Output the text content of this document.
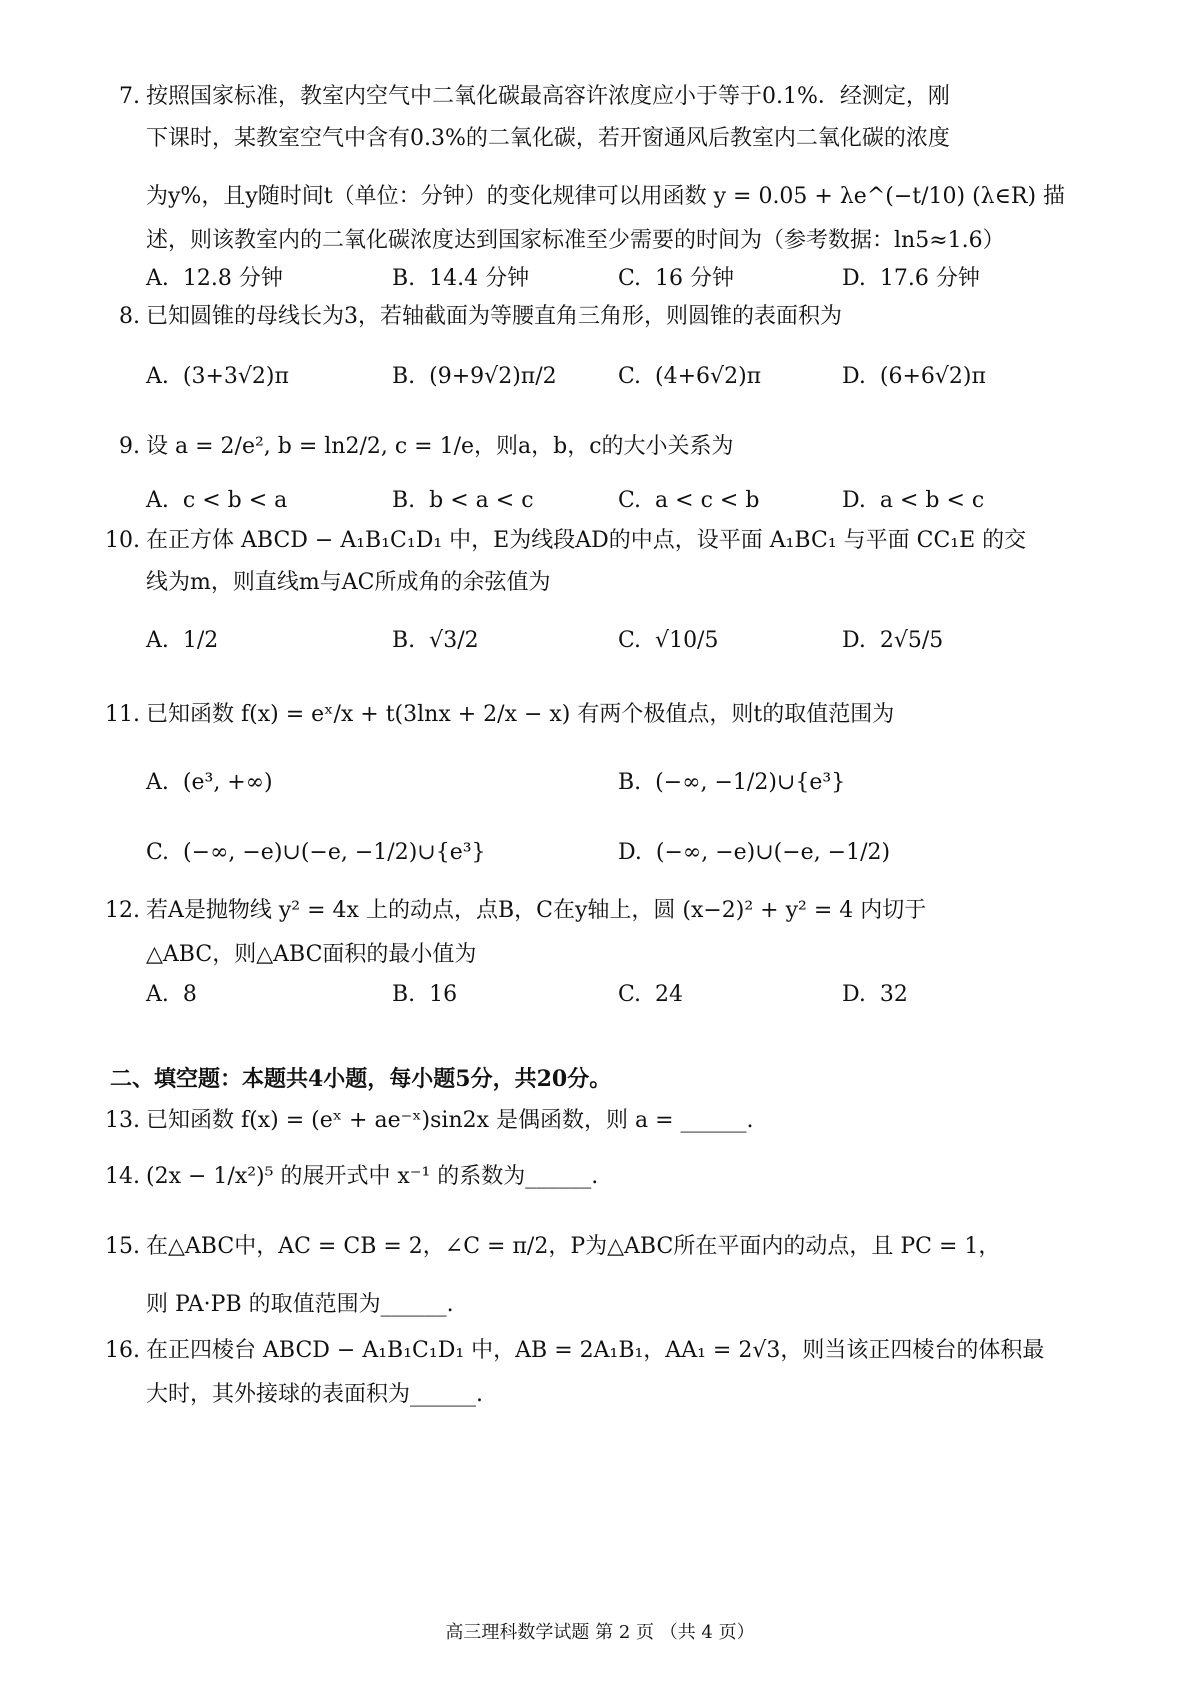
7. 按照国家标准，教室内空气中二氧化碳最高容许浓度应小于等于0.1%．经测定，刚
下课时，某教室空气中含有0.3%的二氧化碳，若开窗通风后教室内二氧化碳的浓度
为y%，且y随时间t（单位：分钟）的变化规律可以用函数 y = 0.05 + λe^(−t/10) (λ∈R) 描
述，则该教室内的二氧化碳浓度达到国家标准至少需要的时间为（参考数据：ln5≈1.6）
A. 12.8 分钟	B. 14.4 分钟	C. 16 分钟	D. 17.6 分钟
8. 已知圆锥的母线长为3，若轴截面为等腰直角三角形，则圆锥的表面积为
A. (3+3√2)π	B. (9+9√2)π/2	C. (4+6√2)π	D. (6+6√2)π
9. 设 a = 2/e², b = ln2/2, c = 1/e，则a，b，c的大小关系为
A. c < b < a	B. b < a < c	C. a < c < b	D. a < b < c
10. 在正方体 ABCD − A₁B₁C₁D₁ 中，E为线段AD的中点，设平面 A₁BC₁ 与平面 CC₁E 的交
线为m，则直线m与AC所成角的余弦值为
A. 1/2	B. √3/2	C. √10/5	D. 2√5/5
11. 已知函数 f(x) = eˣ/x + t(3lnx + 2/x − x) 有两个极值点，则t的取值范围为
A. (e³, +∞)	B. (−∞, −1/2)∪{e³}
C. (−∞, −e)∪(−e, −1/2)∪{e³}	D. (−∞, −e)∪(−e, −1/2)
12. 若A是抛物线 y² = 4x 上的动点，点B，C在y轴上，圆 (x−2)² + y² = 4 内切于
△ABC，则△ABC面积的最小值为
A. 8	B. 16	C. 24	D. 32
二、填空题：本题共4小题，每小题5分，共20分。
13. 已知函数 f(x) = (eˣ + ae⁻ˣ)sin2x 是偶函数，则 a = ______.
14. (2x − 1/x²)⁵ 的展开式中 x⁻¹ 的系数为______.
15. 在△ABC中，AC = CB = 2，∠C = π/2，P为△ABC所在平面内的动点，且 PC = 1，
则 PA·PB 的取值范围为______.
16. 在正四棱台 ABCD − A₁B₁C₁D₁ 中，AB = 2A₁B₁，AA₁ = 2√3，则当该正四棱台的体积最
大时，其外接球的表面积为______.
高三理科数学试题 第 2 页 （共 4 页）
